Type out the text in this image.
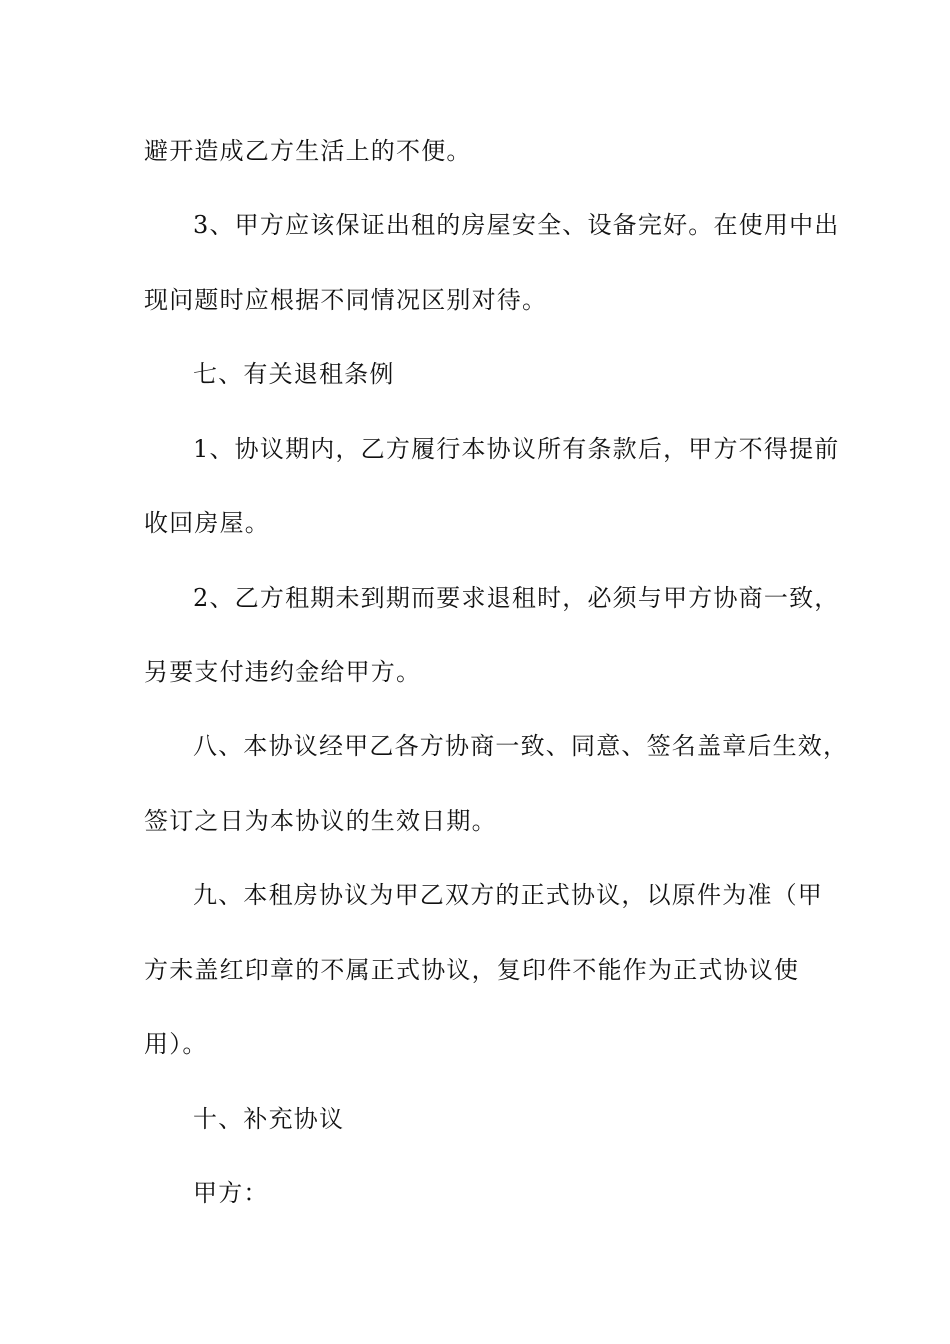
避开造成乙方生活上的不便。
3、甲方应该保证出租的房屋安全、设备完好。在使用中出
现问题时应根据不同情况区别对待。
七、有关退租条例
1、协议期内，乙方履行本协议所有条款后，甲方不得提前
收回房屋。
2、乙方租期未到期而要求退租时，必须与甲方协商一致，
另要支付违约金给甲方。
八、本协议经甲乙各方协商一致、同意、签名盖章后生效，
签订之日为本协议的生效日期。
九、本租房协议为甲乙双方的正式协议，以原件为准（甲
方未盖红印章的不属正式协议，复印件不能作为正式协议使
用）。
十、补充协议
甲方：
